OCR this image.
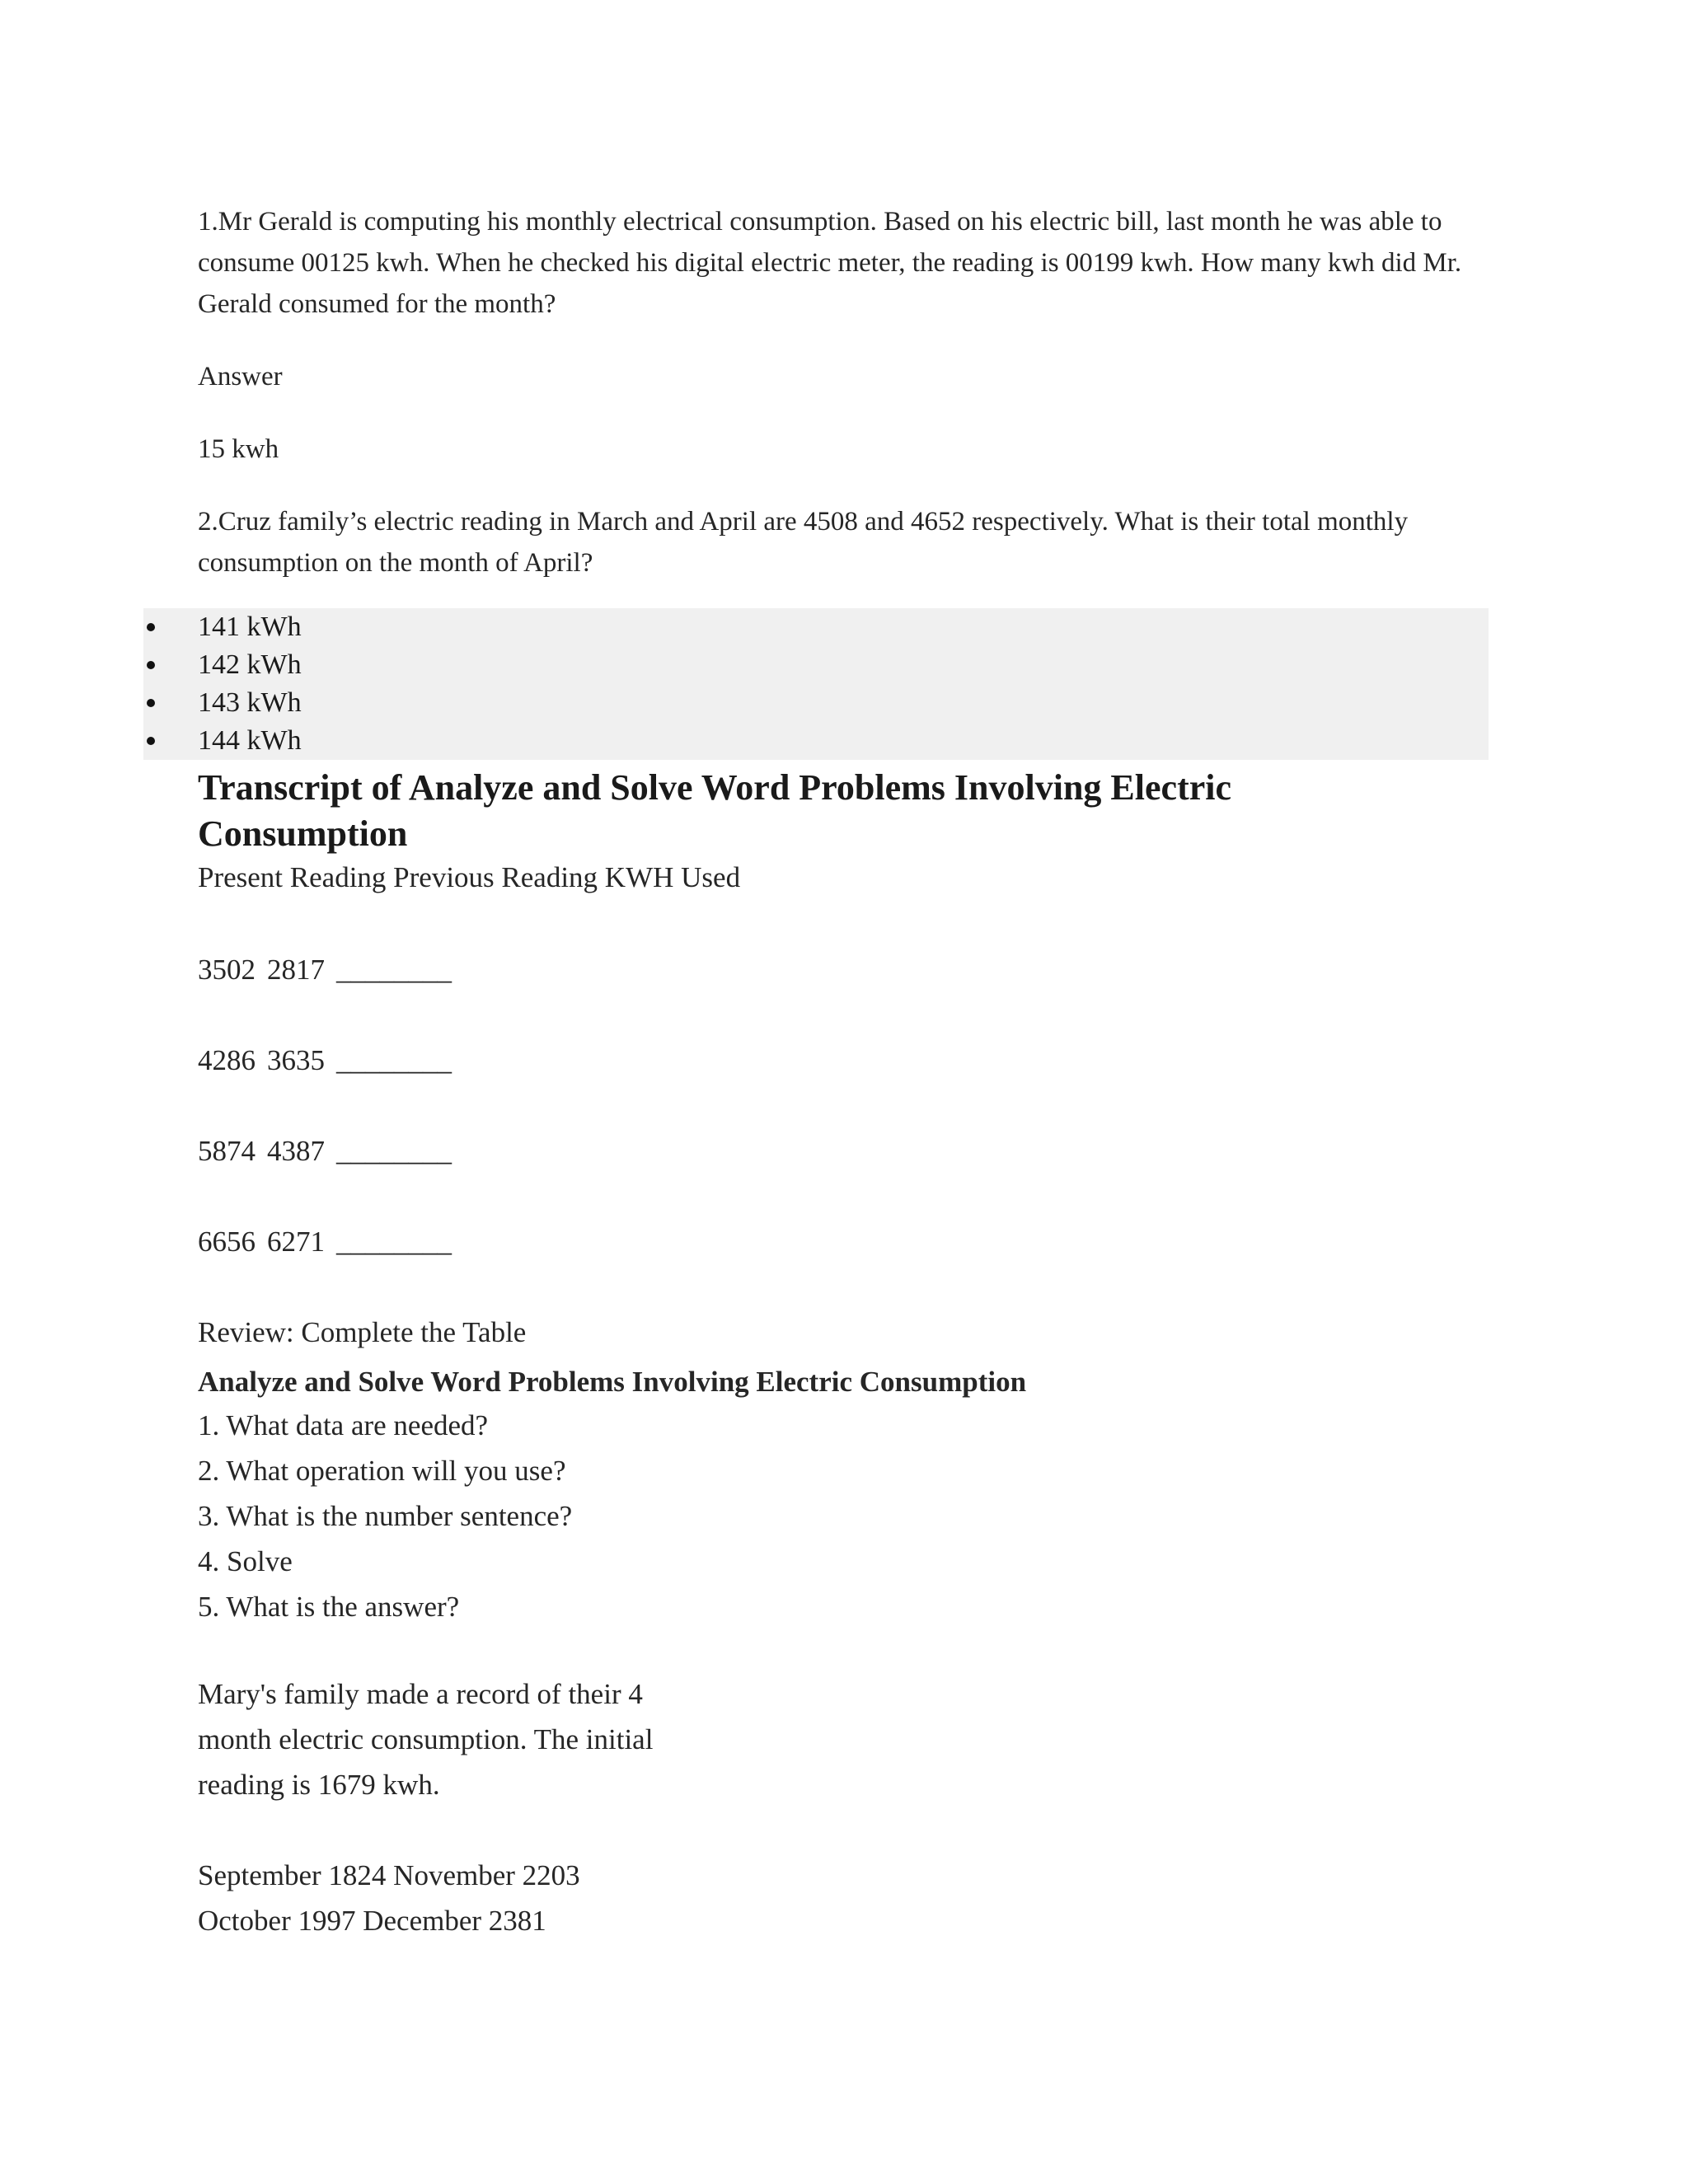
1.Mr Gerald is computing his monthly electrical consumption. Based on his electric bill, last month he was able to consume 00125 kwh. When he checked his digital electric meter, the reading is 00199 kwh. How many kwh did Mr. Gerald consumed for the month?

Answer

15 kwh

2.Cruz family’s electric reading in March and April are 4508 and 4652 respectively. What is their total monthly consumption on the month of April?

141 kWh
142 kWh
143 kWh
144 kWh
Transcript of Analyze and Solve Word Problems Involving Electric Consumption

Present Reading Previous Reading KWH Used

3502 2817 ________
4286 3635 ________
5874 4387 ________
6656 6271 ________

Review: Complete the Table

Analyze and Solve Word Problems Involving Electric Consumption
1. What data are needed?
2. What operation will you use?
3. What is the number sentence?
4. Solve
5. What is the answer?

Mary's family made a record of their 4 month electric consumption. The initial reading is 1679 kwh.

September 1824 November 2203
October 1997 December 2381
